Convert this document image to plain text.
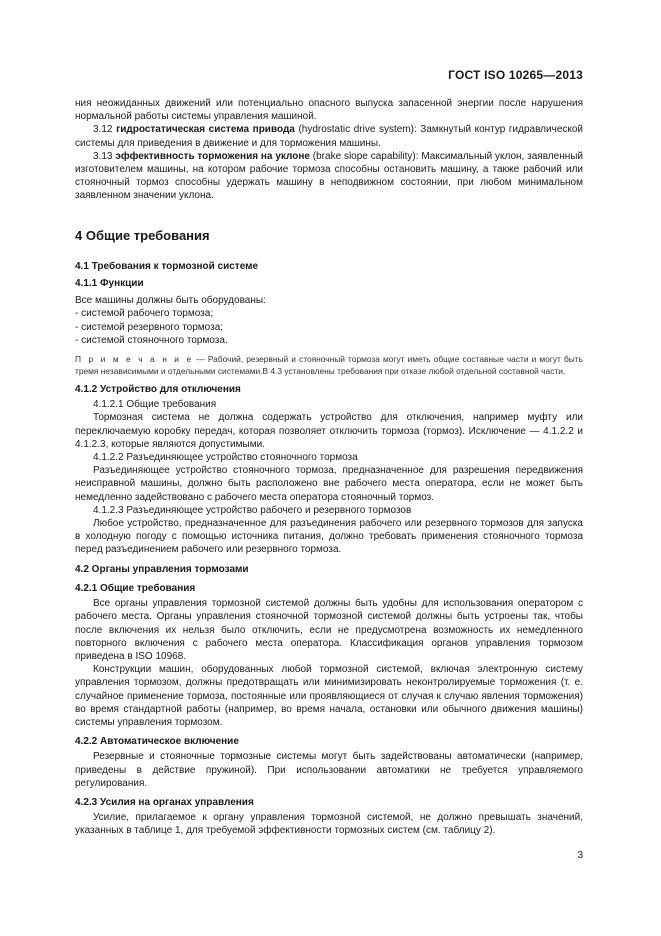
ГОСТ ISO 10265—2013

ния неожиданных движений или потенциально опасного выпуска запасенной энергии после нарушения нормальной работы системы управления машиной.

3.12 гидростатическая система привода (hydrostatic drive system): Замкнутый контур гидравлической системы для приведения в движение и для торможения машины.

3.13 эффективность торможения на уклоне (brake slope capability): Максимальный уклон, заявленный изготовителем машины, на котором рабочие тормоза способны остановить машину, а также рабочий или стояночный тормоз способны удержать машину в неподвижном состоянии, при любом минимальном заявленном значении уклона.

4 Общие требования

4.1 Требования к тормозной системе

4.1.1 Функции

Все машины должны быть оборудованы:

- системой рабочего тормоза;
- системой резервного тормоза;
- системой стояночного тормоза.

П р и м е ч а н и е — Рабочий, резервный и стояночный тормоза могут иметь общие составные части и могут быть тремя независимыми и отдельными системами.В 4.3 установлены требования при отказе любой отдельной составной части.

4.1.2 Устройство для отключения

4.1.2.1 Общие требования

Тормозная система не должна содержать устройство для отключения, например муфту или переключаемую коробку передач, которая позволяет отключить тормоза (тормоз). Исключение — 4.1.2.2 и 4.1.2.3, которые являются допустимыми.

4.1.2.2 Разъединяющее устройство стояночного тормоза

Разъединяющее устройство стояночного тормоза, предназначенное для разрешения передвижения неисправной машины, должно быть расположено вне рабочего места оператора, если не может быть немедленно задействовано с рабочего места оператора стояночный тормоз.

4.1.2.3 Разъединяющее устройство рабочего и резервного тормозов

Любое устройство, предназначенное для разъединения рабочего или резервного тормозов для запуска в холодную погоду с помощью источника питания, должно требовать применения стояночного тормоза перед разъединением рабочего или резервного тормоза.

4.2 Органы управления тормозами

4.2.1 Общие требования

Все органы управления тормозной системой должны быть удобны для использования оператором с рабочего места. Органы управления стояночной тормозной системой должны быть устроены так, чтобы после включения их нельзя было отключить, если не предусмотрена возможность их немедленного повторного включения с рабочего места оператора. Классификация органов управления тормозом приведена в ISO 10968.

Конструкции машин, оборудованных любой тормозной системой, включая электронную систему управления тормозом, должны предотвращать или минимизировать неконтролируемые торможения (т. е. случайное применение тормоза, постоянные или проявляющиеся от случая к случаю явления торможения) во время стандартной работы (например, во время начала, остановки или обычного движения машины) системы управления тормозом.

4.2.2 Автоматическое включение

Резервные и стояночные тормозные системы могут быть задействованы автоматически (например, приведены в действие пружиной). При использовании автоматики не требуется управляемого регулирования.

4.2.3 Усилия на органах управления

Усилие, прилагаемое к органу управления тормозной системой, не должно превышать значений, указанных в таблице 1, для требуемой эффективности тормозных систем (см. таблицу 2).

3
